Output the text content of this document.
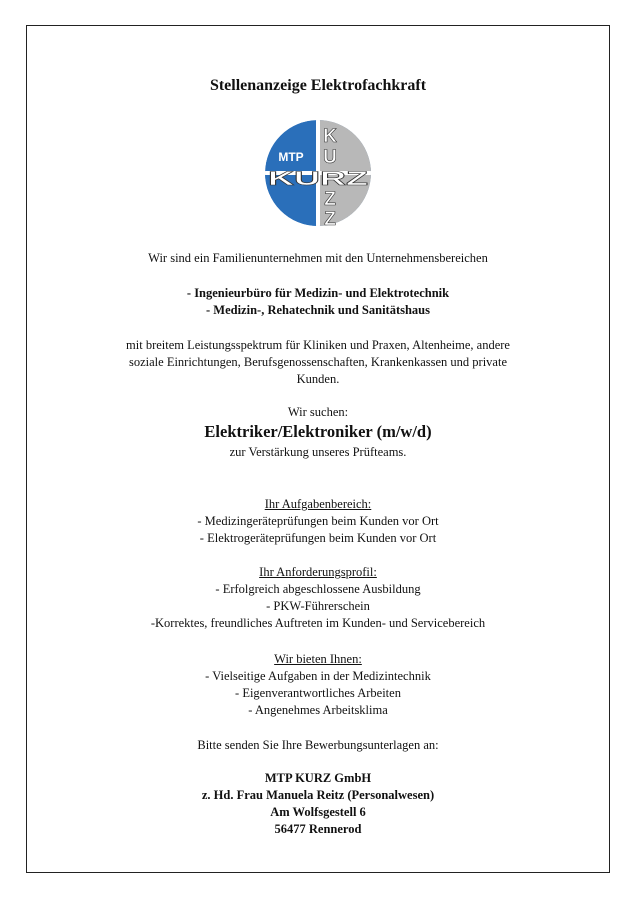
Stellenanzeige Elektrofachkraft
Wir sind ein Familienunternehmen mit den Unternehmensbereichen
- Ingenieurbüro für Medizin- und Elektrotechnik
- Medizin-, Rehatechnik und Sanitätshaus
mit breitem Leistungsspektrum für Kliniken und Praxen, Altenheime, andere
soziale Einrichtungen, Berufsgenossenschaften, Krankenkassen und private
Kunden.
Wir suchen:
Elektriker/Elektroniker (m/w/d)
zur Verstärkung unseres Prüfteams.
Ihr Aufgabenbereich:
- Medizingeräteprüfungen beim Kunden vor Ort
- Elektrogeräteprüfungen beim Kunden vor Ort
Ihr Anforderungsprofil:
- Erfolgreich abgeschlossene Ausbildung
- PKW-Führerschein
-Korrektes, freundliches Auftreten im Kunden- und Servicebereich
Wir bieten Ihnen:
- Vielseitige Aufgaben in der Medizintechnik
- Eigenverantwortliches Arbeiten
- Angenehmes Arbeitsklima
Bitte senden Sie Ihre Bewerbungsunterlagen an:
MTP KURZ GmbH
z. Hd. Frau Manuela Reitz (Personalwesen)
Am Wolfsgestell 6
56477 Rennerod
MTP
K
U
Z
Z
KURZ
